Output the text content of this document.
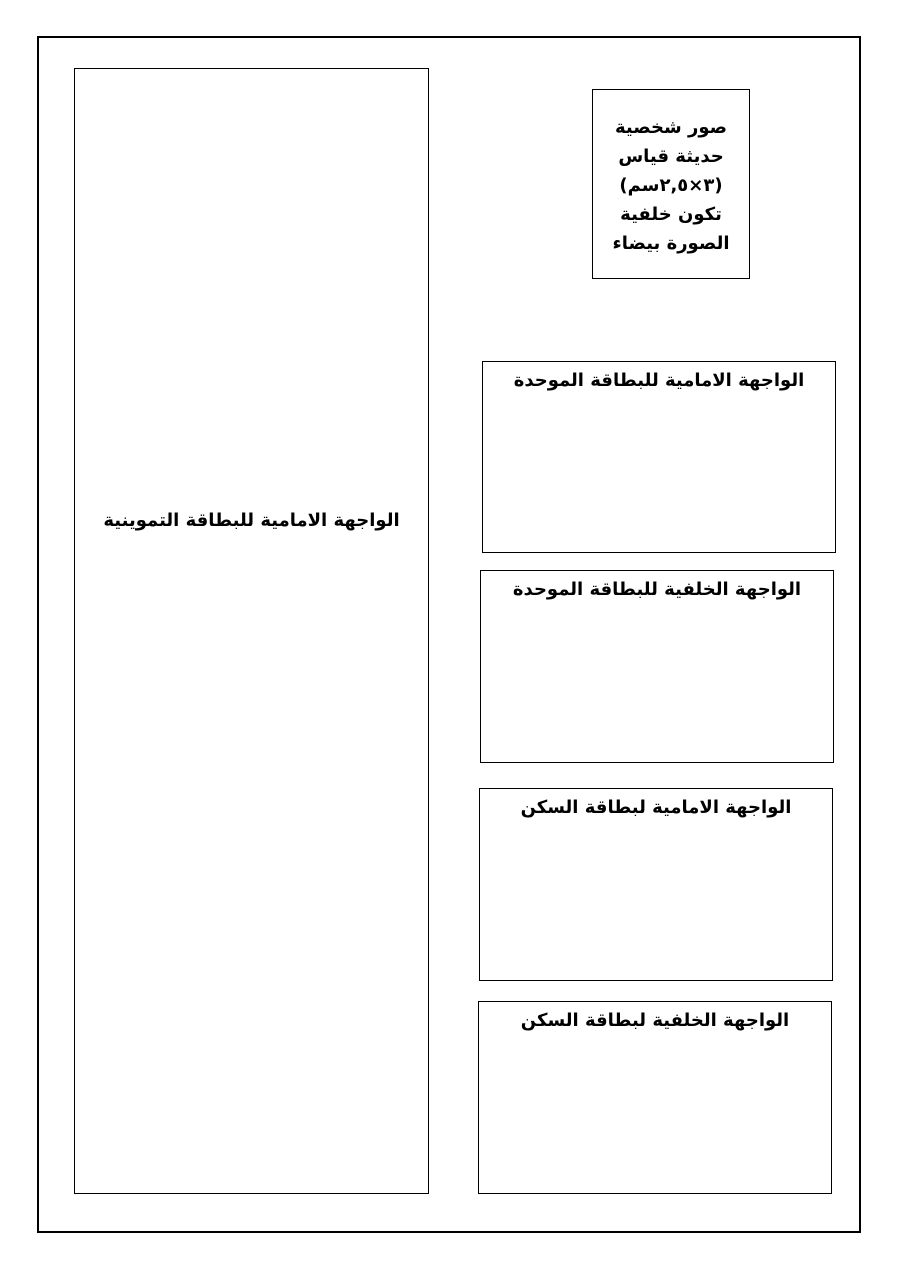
صور شخصية
حديثة قياس
(٣×٢,٥سم)
تكون خلفية
الصورة بيضاء
الواجهة الامامية للبطاقة التموينية
الواجهة الامامية للبطاقة الموحدة
الواجهة الخلفية للبطاقة الموحدة
الواجهة الامامية لبطاقة السكن
الواجهة الخلفية لبطاقة السكن
